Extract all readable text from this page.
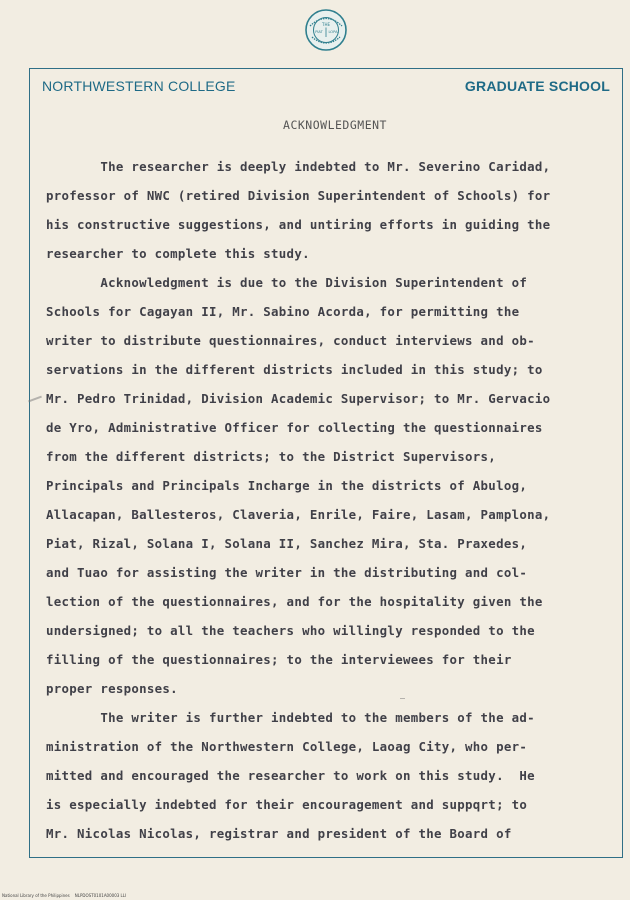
THE
PIAT LOPA
NORTHWESTERN COLLEGE	GRADUATE SCHOOL
ACKNOWLEDGMENT
The researcher is deeply indebted to Mr. Severino Caridad,
professor of NWC (retired Division Superintendent of Schools) for
his constructive suggestions, and untiring efforts in guiding the
researcher to complete this study.
Acknowledgment is due to the Division Superintendent of
Schools for Cagayan II, Mr. Sabino Acorda, for permitting the
writer to distribute questionnaires, conduct interviews and ob-
servations in the different districts included in this study; to
Mr. Pedro Trinidad, Division Academic Supervisor; to Mr. Gervacio
de Yro, Administrative Officer for collecting the questionnaires
from the different districts; to the District Supervisors,
Principals and Principals Incharge in the districts of Abulog,
Allacapan, Ballesteros, Claveria, Enrile, Faire, Lasam, Pamplona,
Piat, Rizal, Solana I, Solana II, Sanchez Mira, Sta. Praxedes,
and Tuao for assisting the writer in the distributing and col-
lection of the questionnaires, and for the hospitality given the
undersigned; to all the teachers who willingly responded to the
filling of the questionnaires; to the interviewees for their
proper responses.
The writer is further indebted to the members of the ad-
ministration of the Northwestern College, Laoag City, who per-
mitted and encouraged the researcher to work on this study.  He
is especially indebted for their encouragement and suppqrt; to
Mr. Nicolas Nicolas, registrar and president of the Board of
National Library of the Philippines    NLPDOST0101A00003 LLI
